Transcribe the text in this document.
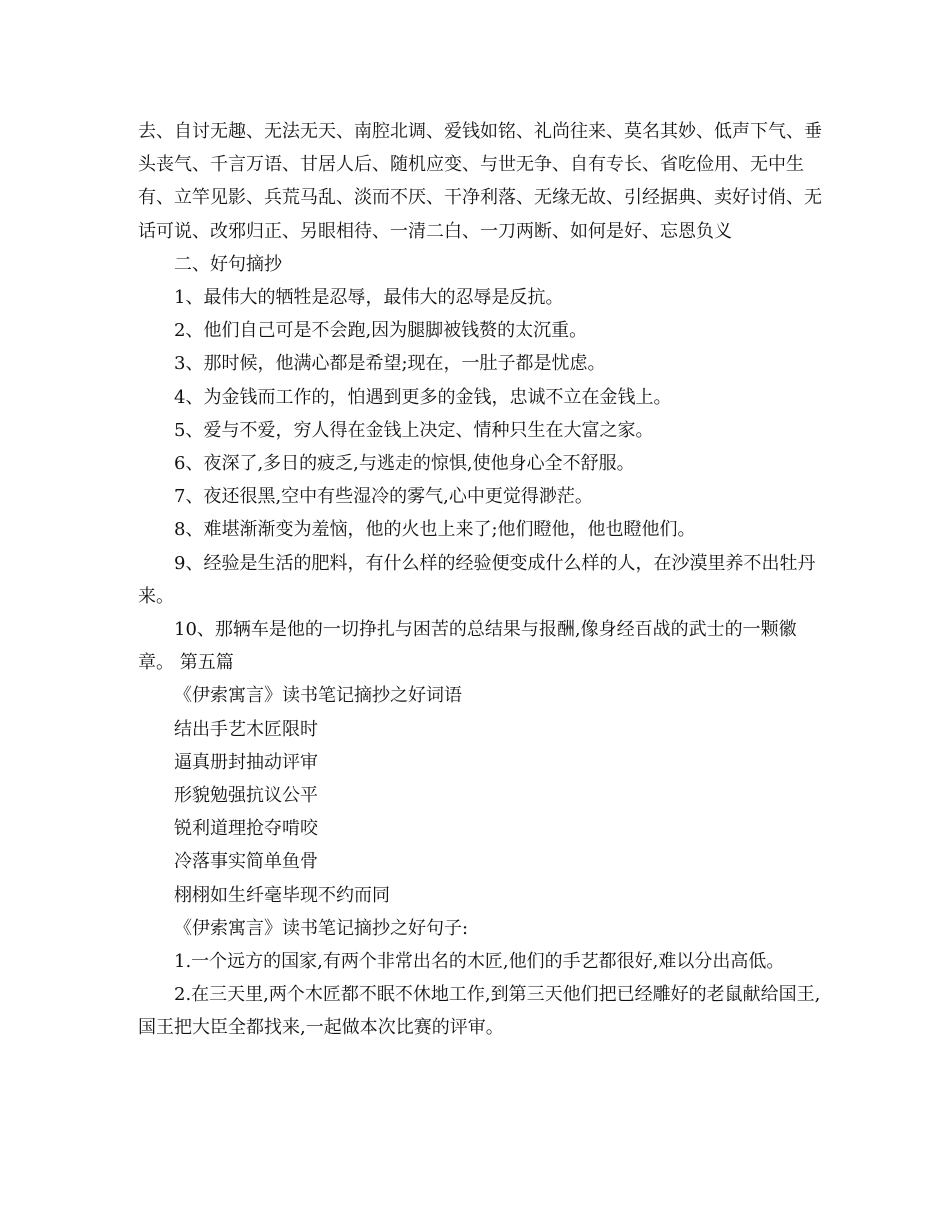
去、自讨无趣、无法无天、南腔北调、爱钱如铭、礼尚往来、莫名其妙、低声下气、垂头丧气、千言万语、甘居人后、随机应变、与世无争、自有专长、省吃俭用、无中生有、立竿见影、兵荒马乱、淡而不厌、干净利落、无缘无故、引经据典、卖好讨俏、无话可说、改邪归正、另眼相待、一清二白、一刀两断、如何是好、忘恩负义

二、好句摘抄

1、最伟大的牺牲是忍辱，最伟大的忍辱是反抗。

2、他们自己可是不会跑,因为腿脚被钱赘的太沉重。

3、那时候，他满心都是希望;现在，一肚子都是忧虑。

4、为金钱而工作的，怕遇到更多的金钱，忠诚不立在金钱上。

5、爱与不爱，穷人得在金钱上决定、情种只生在大富之家。

6、夜深了,多日的疲乏,与逃走的惊惧,使他身心全不舒服。

7、夜还很黑,空中有些湿冷的雾气,心中更觉得渺茫。

8、难堪渐渐变为羞恼，他的火也上来了;他们瞪他，他也瞪他们。

9、经验是生活的肥料，有什么样的经验便变成什么样的人，在沙漠里养不出牡丹来。

10、那辆车是他的一切挣扎与困苦的总结果与报酬,像身经百战的武士的一颗徽章。 第五篇

《伊索寓言》读书笔记摘抄之好词语

结出手艺木匠限时

逼真册封抽动评审

形貌勉强抗议公平

锐利道理抢夺啃咬

冷落事实简单鱼骨

栩栩如生纤毫毕现不约而同

《伊索寓言》读书笔记摘抄之好句子:

1.一个远方的国家,有两个非常出名的木匠,他们的手艺都很好,难以分出高低。

2.在三天里,两个木匠都不眠不休地工作,到第三天他们把已经雕好的老鼠献给国王,国王把大臣全都找来,一起做本次比赛的评审。
